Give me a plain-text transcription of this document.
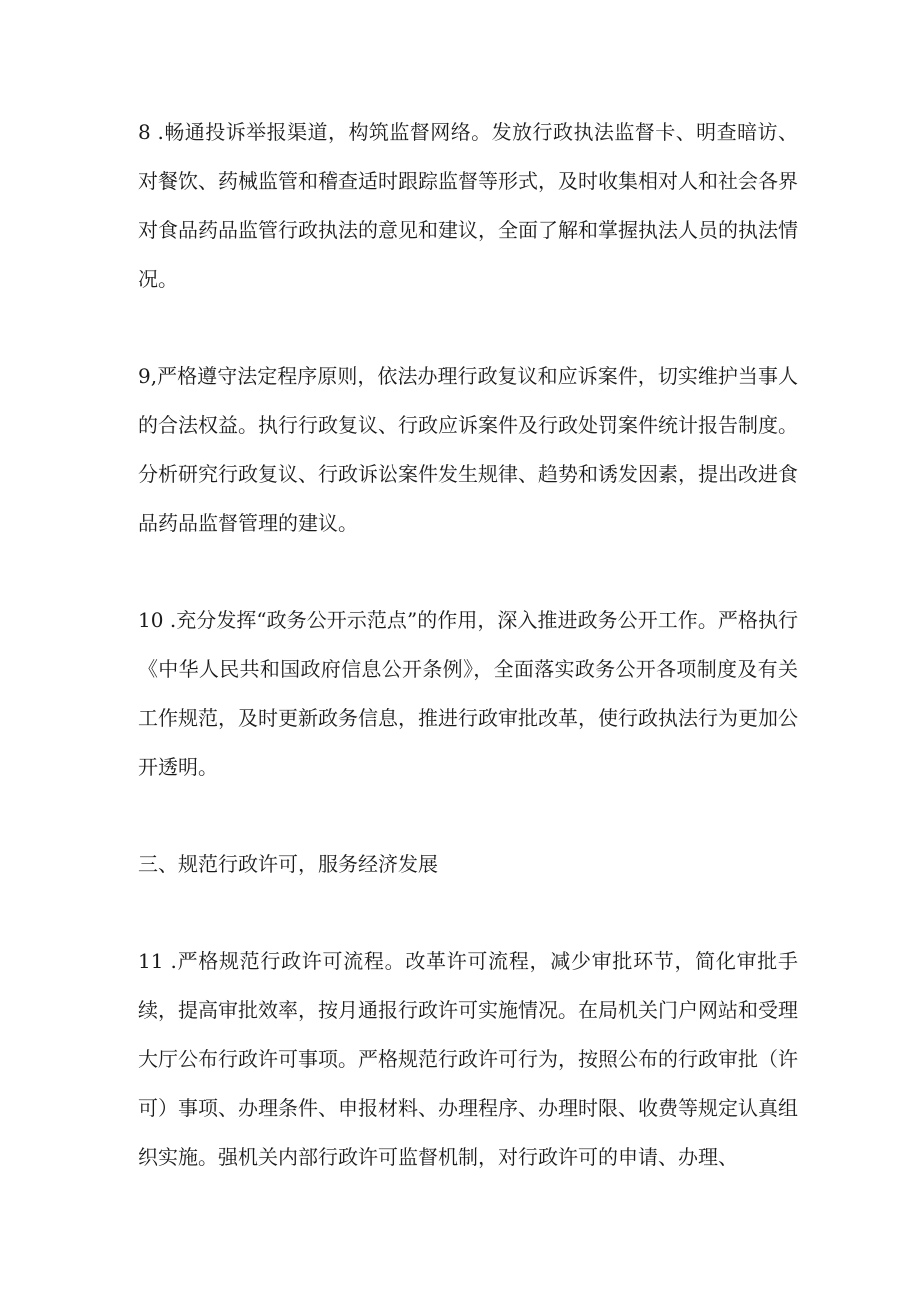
8 .畅通投诉举报渠道，构筑监督网络。发放行政执法监督卡、明查暗访、对餐饮、药械监管和稽查适时跟踪监督等形式，及时收集相对人和社会各界对食品药品监管行政执法的意见和建议，全面了解和掌握执法人员的执法情况。

9,严格遵守法定程序原则，依法办理行政复议和应诉案件，切实维护当事人的合法权益。执行行政复议、行政应诉案件及行政处罚案件统计报告制度。分析研究行政复议、行政诉讼案件发生规律、趋势和诱发因素，提出改进食品药品监督管理的建议。

10 .充分发挥“政务公开示范点”的作用，深入推进政务公开工作。严格执行《中华人民共和国政府信息公开条例》，全面落实政务公开各项制度及有关工作规范，及时更新政务信息，推进行政审批改革，使行政执法行为更加公开透明。

三、规范行政许可，服务经济发展

11 .严格规范行政许可流程。改革许可流程，减少审批环节，简化审批手续，提高审批效率，按月通报行政许可实施情况。在局机关门户网站和受理大厅公布行政许可事项。严格规范行政许可行为，按照公布的行政审批（许可）事项、办理条件、申报材料、办理程序、办理时限、收费等规定认真组织实施。强机关内部行政许可监督机制，对行政许可的申请、办理、
